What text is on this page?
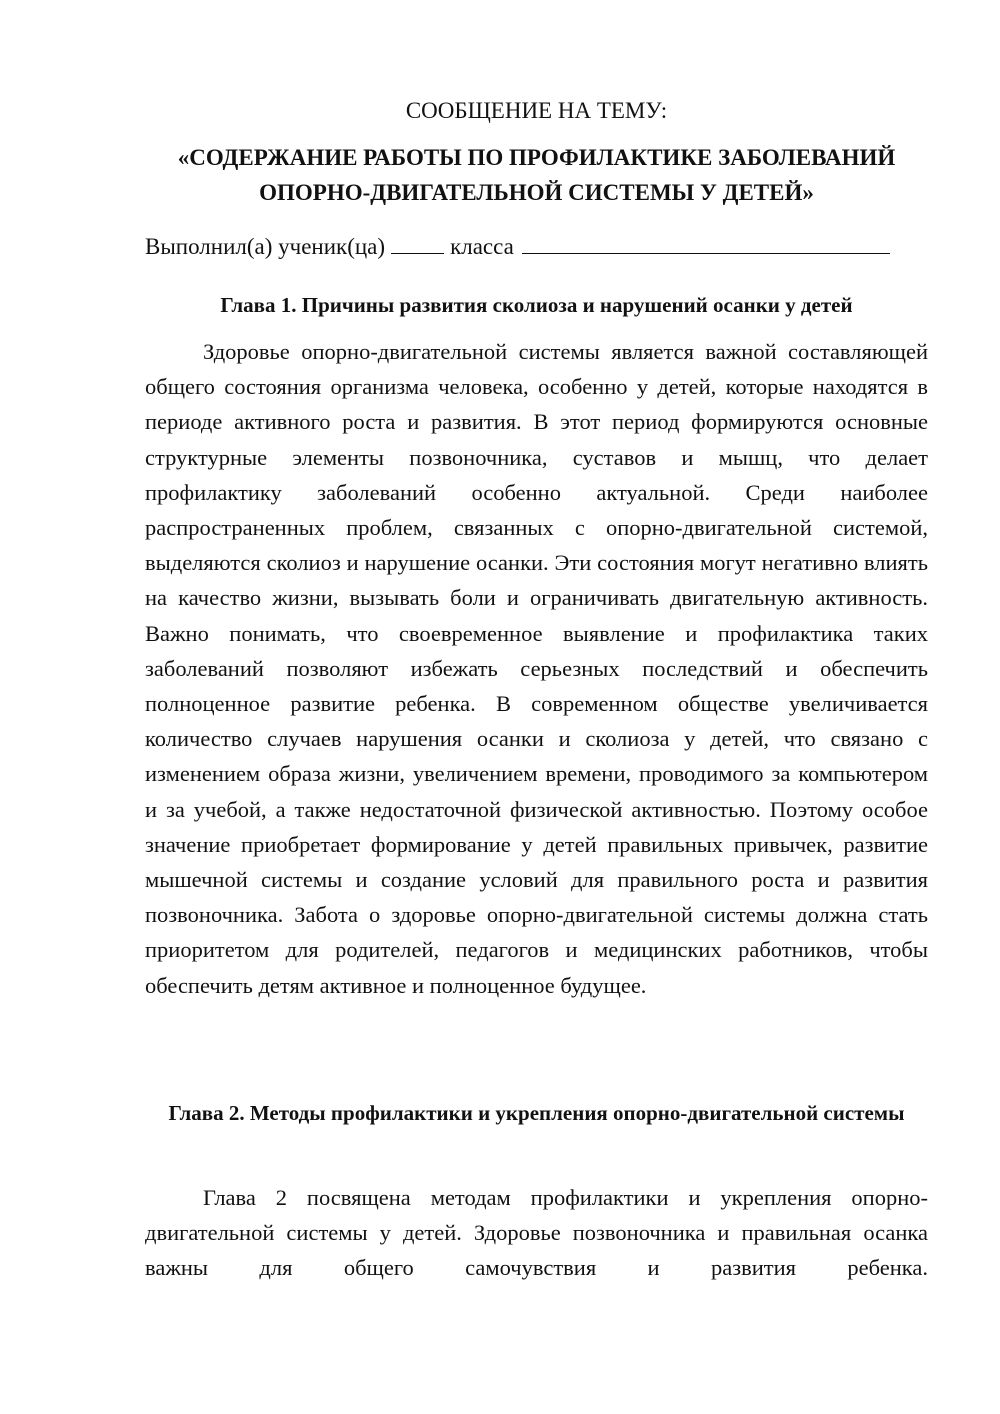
СООБЩЕНИЕ НА ТЕМУ:
«СОДЕРЖАНИЕ РАБОТЫ ПО ПРОФИЛАКТИКЕ ЗАБОЛЕВАНИЙ
ОПОРНО-ДВИГАТЕЛЬНОЙ СИСТЕМЫ У ДЕТЕЙ»
Выполнил(а) ученик(ца)	класса
Глава 1. Причины развития сколиоза и нарушений осанки у детей

Здоровье опорно-двигательной системы является важной составляющей общего состояния организма человека, особенно у детей, которые находятся в периоде активного роста и развития. В этот период формируются основные структурные элементы позвоночника, суставов и мышц, что делает профилактику заболеваний особенно актуальной. Среди наиболее распространенных проблем, связанных с опорно-двигательной системой, выделяются сколиоз и нарушение осанки. Эти состояния могут негативно влиять на качество жизни, вызывать боли и ограничивать двигательную активность. Важно понимать, что своевременное выявление и профилактика таких заболеваний позволяют избежать серьезных последствий и обеспечить полноценное развитие ребенка. В современном обществе увеличивается количество случаев нарушения осанки и сколиоза у детей, что связано с изменением образа жизни, увеличением времени, проводимого за компьютером и за учебой, а также недостаточной физической активностью. Поэтому особое значение приобретает формирование у детей правильных привычек, развитие мышечной системы и создание условий для правильного роста и развития позвоночника. Забота о здоровье опорно-двигательной системы должна стать приоритетом для родителей, педагогов и медицинских работников, чтобы обеспечить детям активное и полноценное будущее.

Глава 2. Методы профилактики и укрепления опорно-двигательной системы

Глава 2 посвящена методам профилактики и укрепления опорно-двигательной системы у детей. Здоровье позвоночника и правильная осанка важны для общего самочувствия и развития ребенка.
